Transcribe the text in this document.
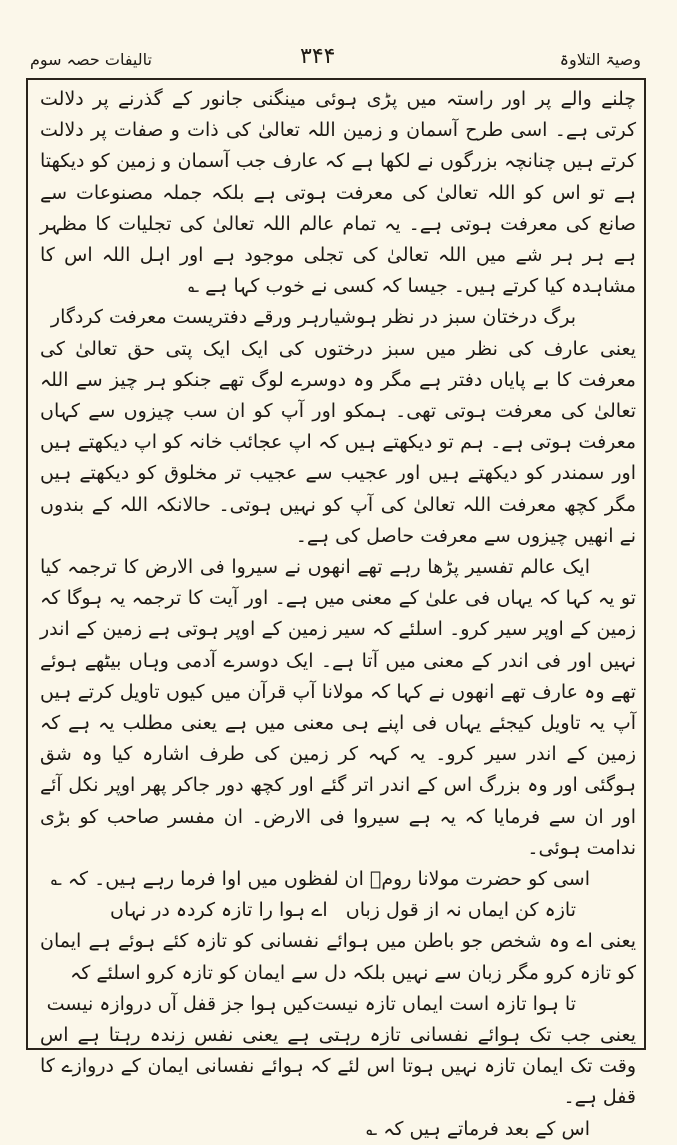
وصیۃ التلاوۃ
۳۴۴
تالیفات حصہ سوم

چلنے والے پر اور راستہ میں پڑی ہوئی مینگنی جانور کے گذرنے پر دلالت کرتی ہے۔ اسی طرح آسمان و زمین اللہ تعالیٰ کی ذات و صفات پر دلالت کرتے ہیں چنانچہ بزرگوں نے لکھا ہے کہ عارف جب آسمان و زمین کو دیکھتا ہے تو اس کو اللہ تعالیٰ کی معرفت ہوتی ہے بلکہ جملہ مصنوعات سے صانع کی معرفت ہوتی ہے۔ یہ تمام عالم اللہ تعالیٰ کی تجلیات کا مظہر ہے ہر ہر شے میں اللہ تعالیٰ کی تجلی موجود ہے اور اہل اللہ اس کا مشاہدہ کیا کرتے ہیں۔ جیسا کہ کسی نے خوب کہا ہے ؎

برگ درختان سبز در نظر ہوشیار
ہر ورقے دفتریست معرفت کردگار

یعنی عارف کی نظر میں سبز درختوں کی ایک ایک پتی حق تعالیٰ کی معرفت کا بے پایاں دفتر ہے مگر وہ دوسرے لوگ تھے جنکو ہر چیز سے اللہ تعالیٰ کی معرفت ہوتی تھی۔ ہمکو اور آپ کو ان سب چیزوں سے کہاں معرفت ہوتی ہے۔ ہم تو دیکھتے ہیں کہ اپ عجائب خانہ کو اپ دیکھتے ہیں اور سمندر کو دیکھتے ہیں اور عجیب سے عجیب تر مخلوق کو دیکھتے ہیں مگر کچھ معرفت اللہ تعالیٰ کی آپ کو نہیں ہوتی۔ حالانکہ اللہ کے بندوں نے انھیں چیزوں سے معرفت حاصل کی ہے۔

ایک عالم تفسیر پڑھا رہے تھے انھوں نے سیروا فی الارض کا ترجمہ کیا تو یہ کہا کہ یہاں فی علیٰ کے معنی میں ہے۔ اور آیت کا ترجمہ یہ ہوگا کہ زمین کے اوپر سیر کرو۔ اسلئے کہ سیر زمین کے اوپر ہوتی ہے زمین کے اندر نہیں اور فی اندر کے معنی میں آتا ہے۔ ایک دوسرے آدمی وہاں بیٹھے ہوئے تھے وہ عارف تھے انھوں نے کہا کہ مولانا آپ قرآن میں کیوں تاویل کرتے ہیں آپ یہ تاویل کیجئے یہاں فی اپنے ہی معنی میں ہے یعنی مطلب یہ ہے کہ زمین کے اندر سیر کرو۔ یہ کہہ کر زمین کی طرف اشارہ کیا وہ شق ہوگئی اور وہ بزرگ اس کے اندر اتر گئے اور کچھ دور جاکر پھر اوپر نکل آئے اور ان سے فرمایا کہ یہ ہے سیروا فی الارض۔ ان مفسر صاحب کو بڑی ندامت ہوئی۔

اسی کو حضرت مولانا رومؒ ان لفظوں میں اوا فرما رہے ہیں۔ کہ ؎

تازہ کن ایماں نہ از قول زباں
اے ہوا را تازہ کردہ در نہاں

یعنی اے وہ شخص جو باطن میں ہوائے نفسانی کو تازہ کئے ہوئے ہے ایمان کو تازہ کرو مگر زبان سے نہیں بلکہ دل سے ایمان کو تازہ کرو اسلئے کہ

تا ہوا تازہ است ایماں تازہ نیست
کیں ہوا جز قفل آں دروازہ نیست

یعنی جب تک ہوائے نفسانی تازہ رہتی ہے یعنی نفس زندہ رہتا ہے اس وقت تک ایمان تازہ نہیں ہوتا اس لئے کہ ہوائے نفسانی ایمان کے دروازے کا قفل ہے۔

اس کے بعد فرماتے ہیں کہ ؎
